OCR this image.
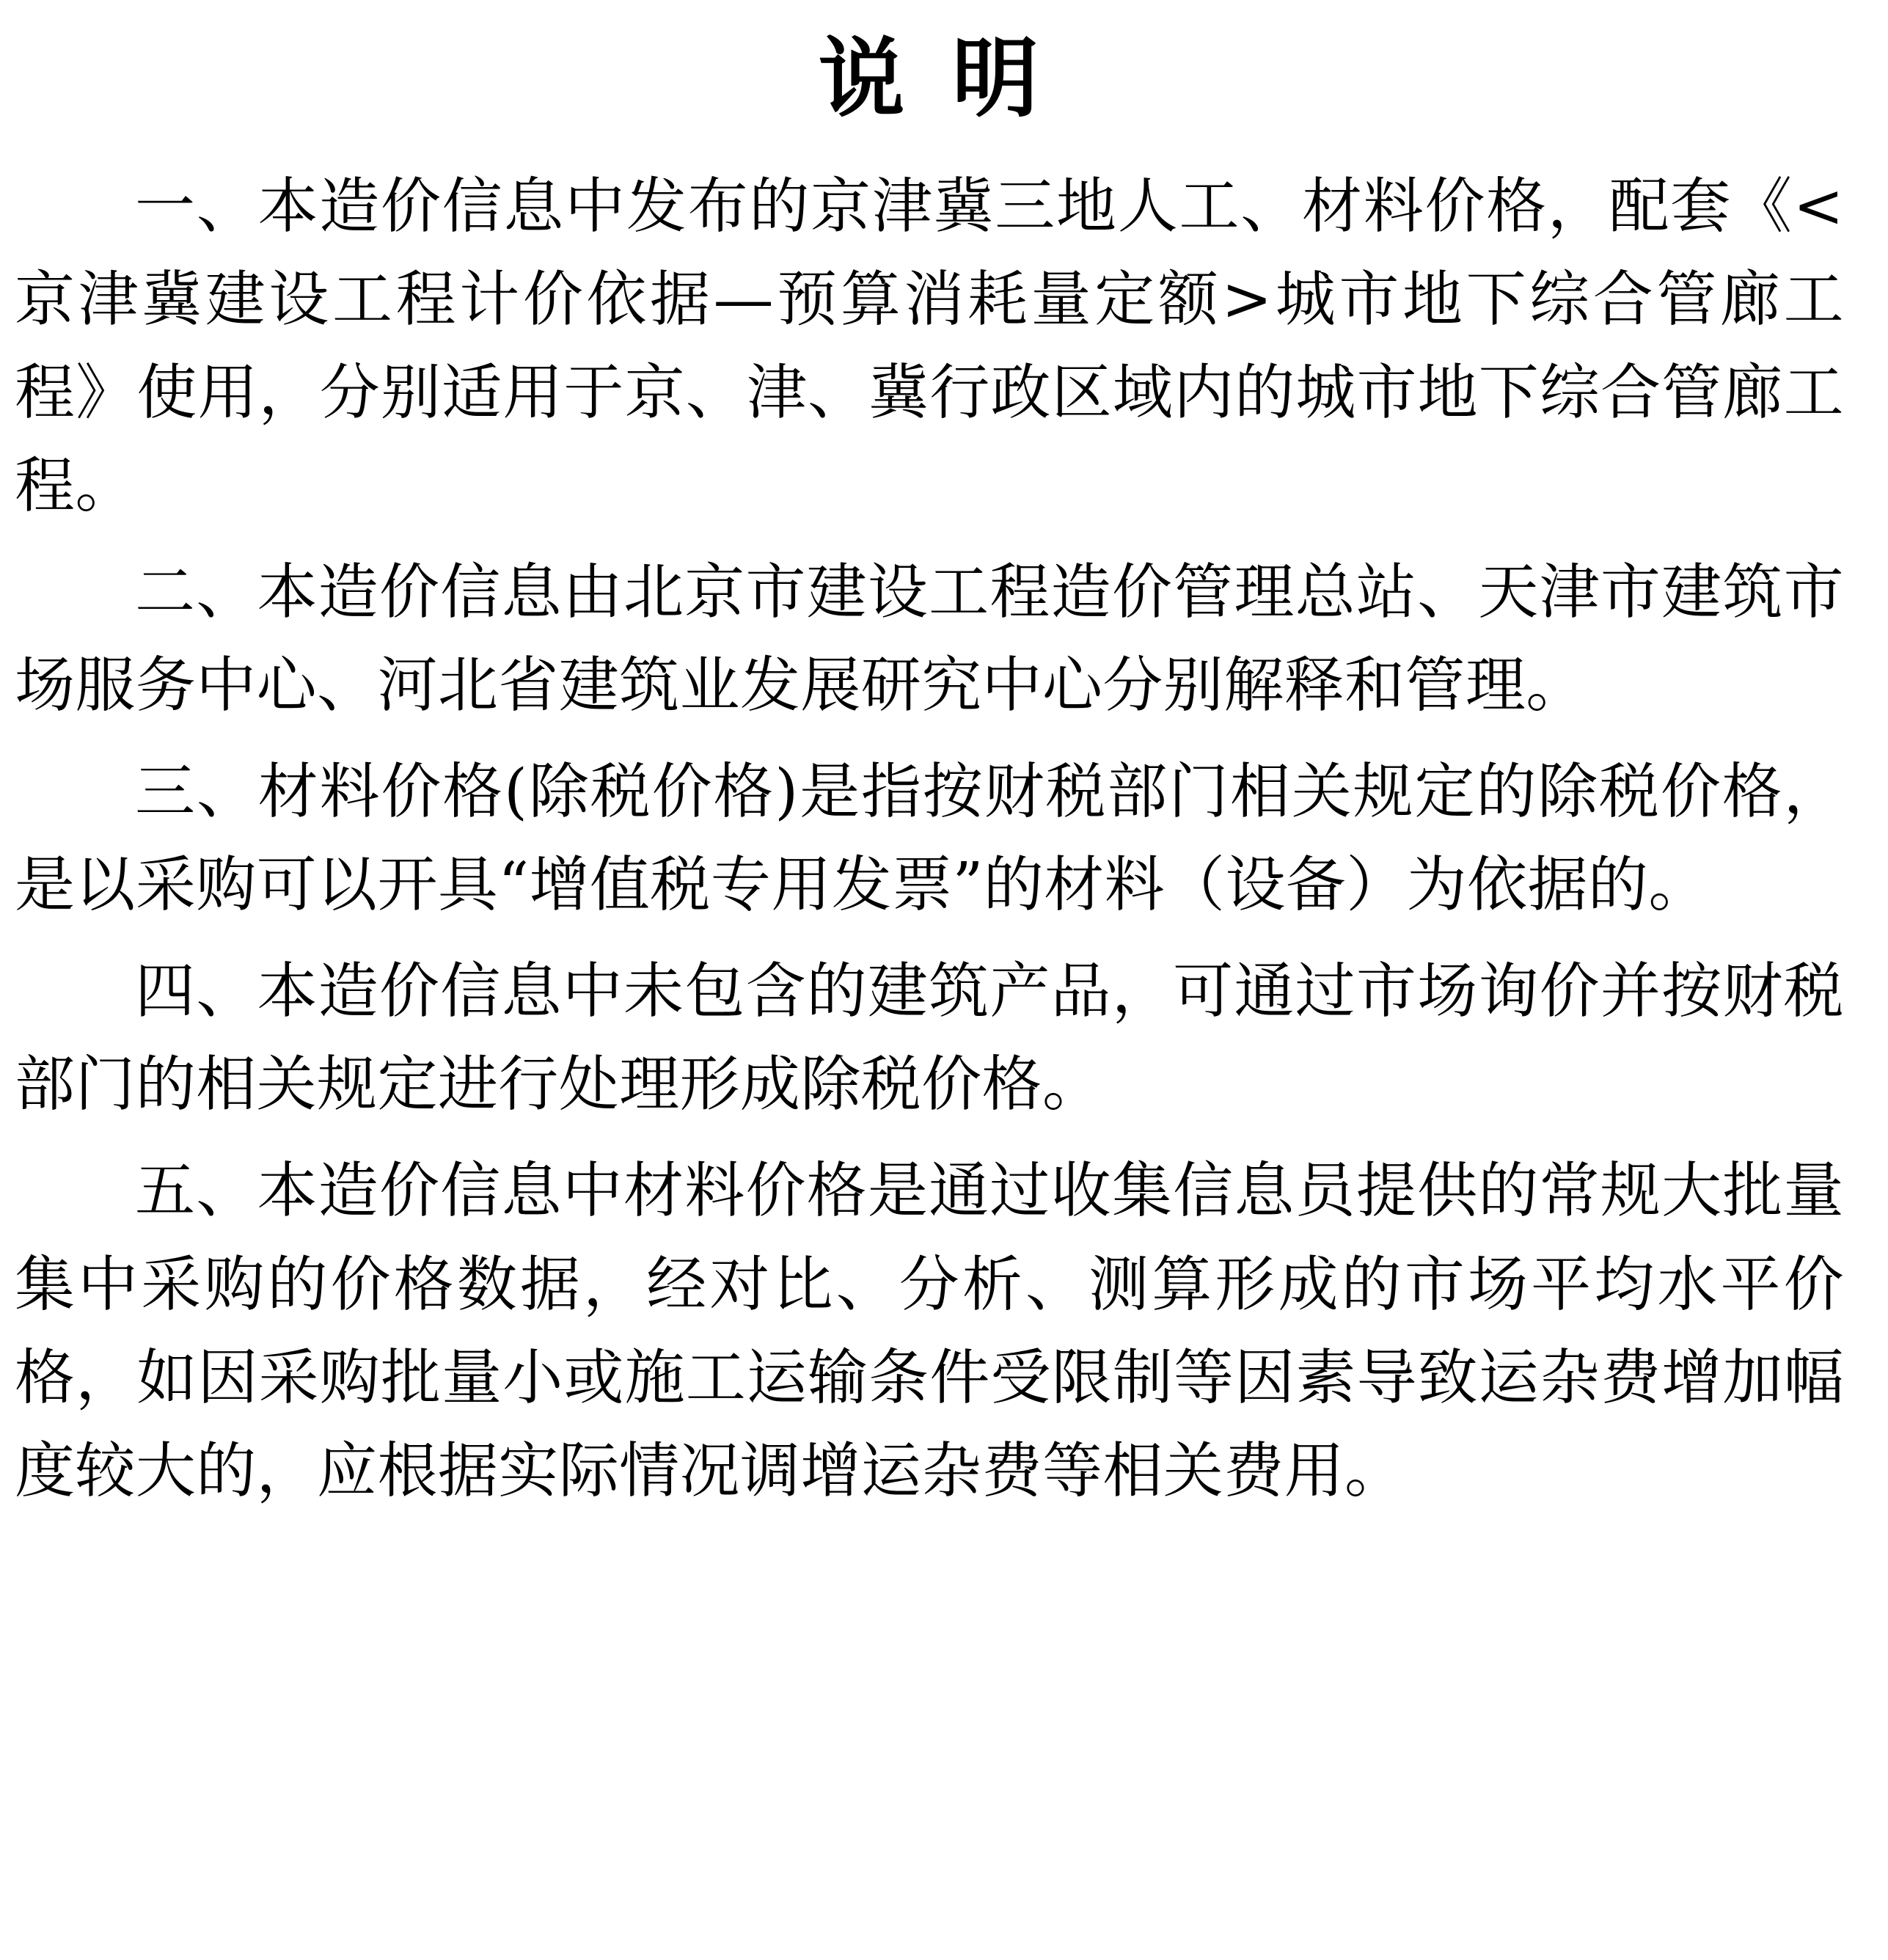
说 明

一、本造价信息中发布的京津冀三地人工、材料价格，配套《<京津冀建设工程计价依据—预算消耗量定额>城市地下综合管廊工程》使用，分别适用于京、津、冀行政区域内的城市地下综合管廊工程。

二、本造价信息由北京市建设工程造价管理总站、天津市建筑市场服务中心、河北省建筑业发展研究中心分别解释和管理。

三、材料价格(除税价格)是指按财税部门相关规定的除税价格，是以采购可以开具“增值税专用发票”的材料（设备）为依据的。

四、本造价信息中未包含的建筑产品，可通过市场询价并按财税部门的相关规定进行处理形成除税价格。

五、本造价信息中材料价格是通过收集信息员提供的常规大批量集中采购的价格数据，经对比、分析、测算形成的市场平均水平价格，如因采购批量小或施工运输条件受限制等因素导致运杂费增加幅度较大的，应根据实际情况调增运杂费等相关费用。
